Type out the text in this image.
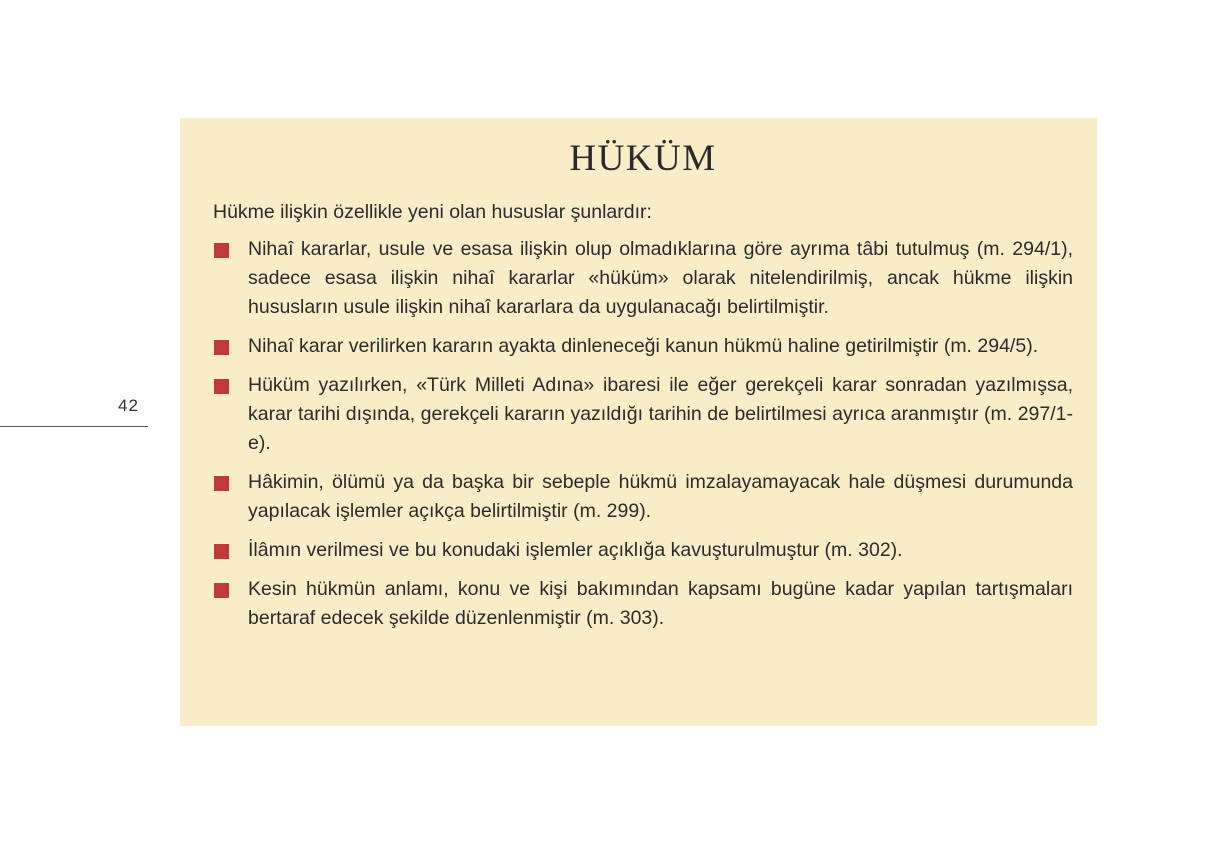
42
HÜKÜM

Hükme ilişkin özellikle yeni olan hususlar şunlardır:

Nihaî kararlar, usule ve esasa ilişkin olup olmadıklarına göre ayrıma tâbi tutulmuş (m. 294/1), sadece esasa ilişkin nihaî kararlar «hüküm» olarak nitelendirilmiş, ancak hükme ilişkin hususların usule ilişkin nihaî kararlara da uygulanacağı belirtilmiştir.
Nihaî karar verilirken kararın ayakta dinleneceği kanun hükmü haline getirilmiştir (m. 294/5).
Hüküm yazılırken, «Türk Milleti Adına» ibaresi ile eğer gerekçeli karar sonradan yazılmışsa, karar tarihi dışında, gerekçeli kararın yazıldığı tarihin de belirtilmesi ayrıca aranmıştır (m. 297/1-e).
Hâkimin, ölümü ya da başka bir sebeple hükmü imzalayamayacak hale düşmesi durumunda yapılacak işlemler açıkça belirtilmiştir (m. 299).
İlâmın verilmesi ve bu konudaki işlemler açıklığa kavuşturulmuştur (m. 302).
Kesin hükmün anlamı, konu ve kişi bakımından kapsamı bugüne kadar yapılan tartışmaları bertaraf edecek şekilde düzenlenmiştir (m. 303).
